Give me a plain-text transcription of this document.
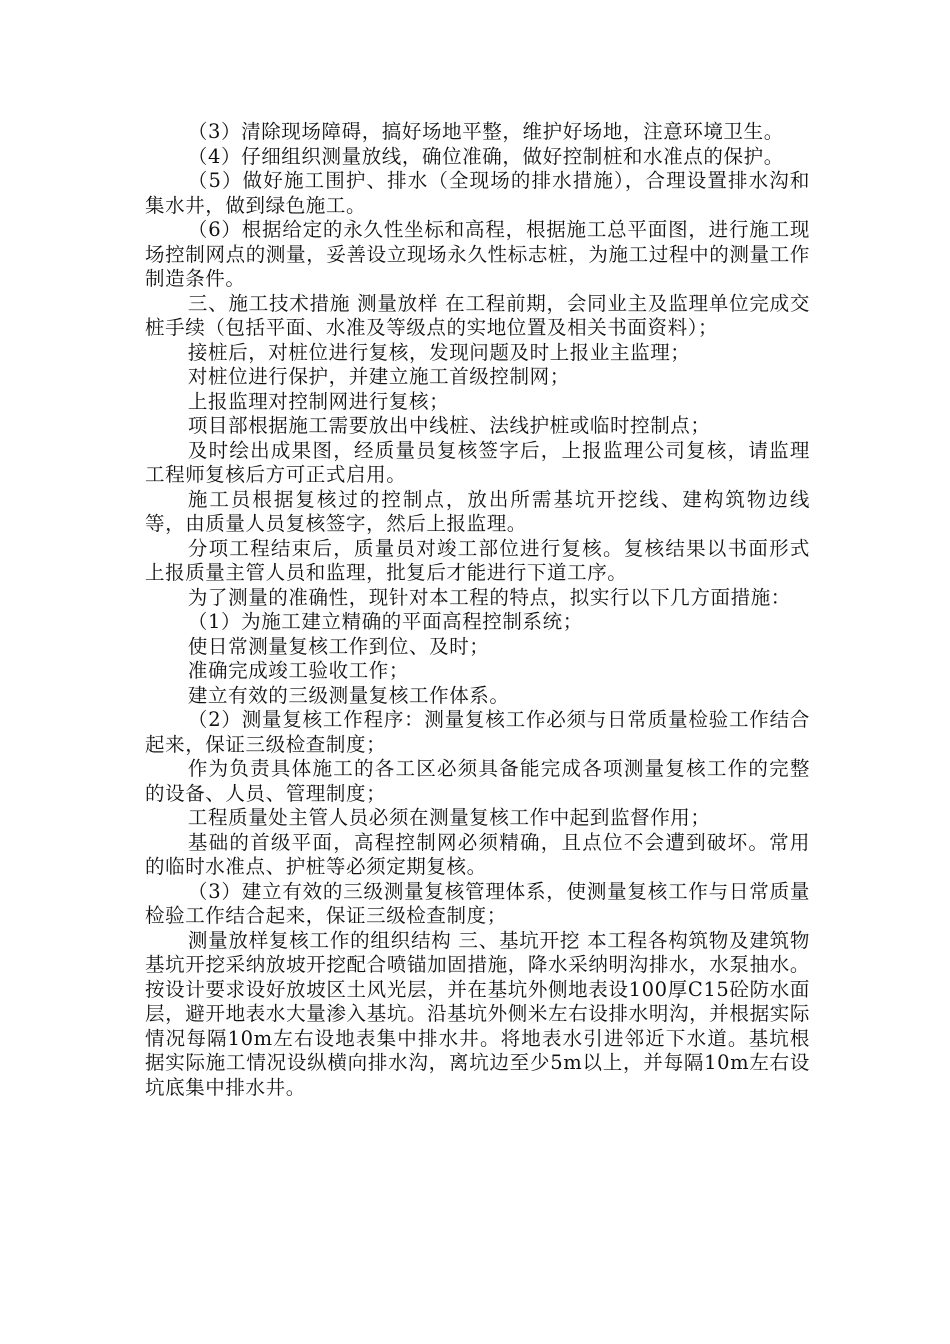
（3）清除现场障碍，搞好场地平整，维护好场地，注意环境卫生。

（4）仔细组织测量放线，确位准确，做好控制桩和水准点的保护。

（5）做好施工围护、排水（全现场的排水措施），合理设置排水沟和集水井，做到绿色施工。

（6）根据给定的永久性坐标和高程，根据施工总平面图，进行施工现场控制网点的测量，妥善设立现场永久性标志桩，为施工过程中的测量工作制造条件。

三、施工技术措施 测量放样 在工程前期，会同业主及监理单位完成交桩手续（包括平面、水准及等级点的实地位置及相关书面资料）；

接桩后，对桩位进行复核，发现问题及时上报业主监理；

对桩位进行保护，并建立施工首级控制网；

上报监理对控制网进行复核；

项目部根据施工需要放出中线桩、法线护桩或临时控制点；

及时绘出成果图，经质量员复核签字后，上报监理公司复核，请监理工程师复核后方可正式启用。

施工员根据复核过的控制点，放出所需基坑开挖线、建构筑物边线等，由质量人员复核签字，然后上报监理。

分项工程结束后，质量员对竣工部位进行复核。复核结果以书面形式上报质量主管人员和监理，批复后才能进行下道工序。

为了测量的准确性，现针对本工程的特点，拟实行以下几方面措施：

（1）为施工建立精确的平面高程控制系统；

使日常测量复核工作到位、及时；

准确完成竣工验收工作；

建立有效的三级测量复核工作体系。

（2）测量复核工作程序：测量复核工作必须与日常质量检验工作结合起来，保证三级检查制度；

作为负责具体施工的各工区必须具备能完成各项测量复核工作的完整的设备、人员、管理制度；

工程质量处主管人员必须在测量复核工作中起到监督作用；

基础的首级平面，高程控制网必须精确，且点位不会遭到破坏。常用的临时水准点、护桩等必须定期复核。

（3）建立有效的三级测量复核管理体系，使测量复核工作与日常质量检验工作结合起来，保证三级检查制度；

测量放样复核工作的组织结构 三、基坑开挖 本工程各构筑物及建筑物基坑开挖采纳放坡开挖配合喷锚加固措施，降水采纳明沟排水，水泵抽水。按设计要求设好放坡区土风光层，并在基坑外侧地表设100厚C15砼防水面层，避开地表水大量渗入基坑。沿基坑外侧米左右设排水明沟，并根据实际情况每隔10m左右设地表集中排水井。将地表水引进邻近下水道。基坑根据实际施工情况设纵横向排水沟，离坑边至少5m以上，并每隔10m左右设坑底集中排水井。
